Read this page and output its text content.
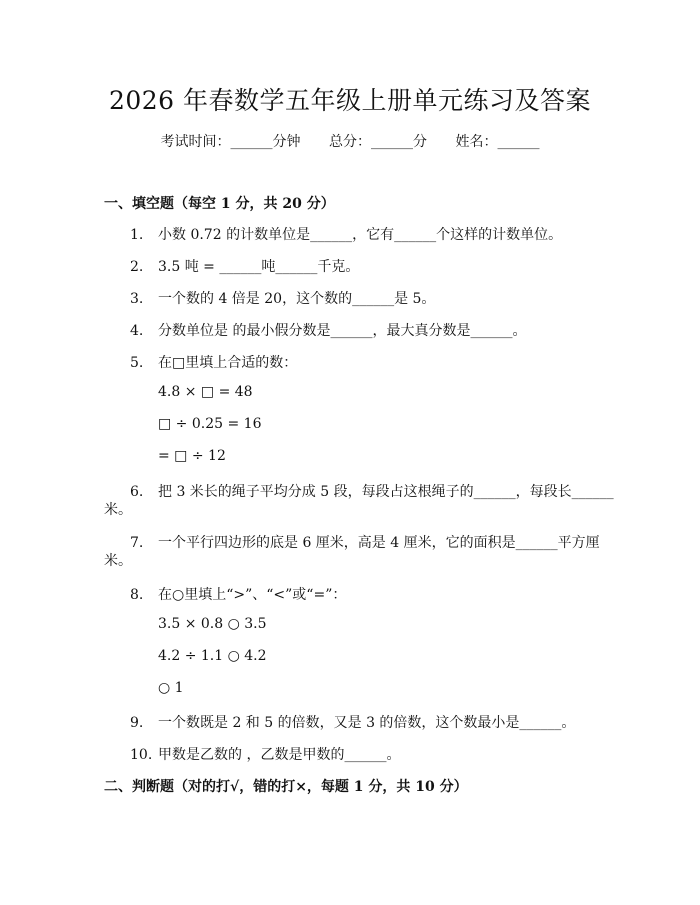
2026 年春数学五年级上册单元练习及答案
考试时间：______分钟 总分：______分 姓名：______
一、填空题（每空 1 分，共 20 分）
1. 小数 0.72 的计数单位是______，它有______个这样的计数单位。
2. 3.5 吨 = ______吨______千克。
3. 一个数的 4 倍是 20，这个数的______是 5。
4. 分数单位是 的最小假分数是______，最大真分数是______。
5. 在□里填上合适的数：
4.8 × □ = 48
□ ÷ 0.25 = 16
= □ ÷ 12
6. 把 3 米长的绳子平均分成 5 段，每段占这根绳子的______，每段长______
米。
7. 一个平行四边形的底是 6 厘米，高是 4 厘米，它的面积是______平方厘
米。
8. 在○里填上“>”、“<”或“=”：
3.5 × 0.8 ○ 3.5
4.2 ÷ 1.1 ○ 4.2
○ 1
9. 一个数既是 2 和 5 的倍数，又是 3 的倍数，这个数最小是______。
10. 甲数是乙数的 ，乙数是甲数的______。
二、判断题（对的打√，错的打×，每题 1 分，共 10 分）
